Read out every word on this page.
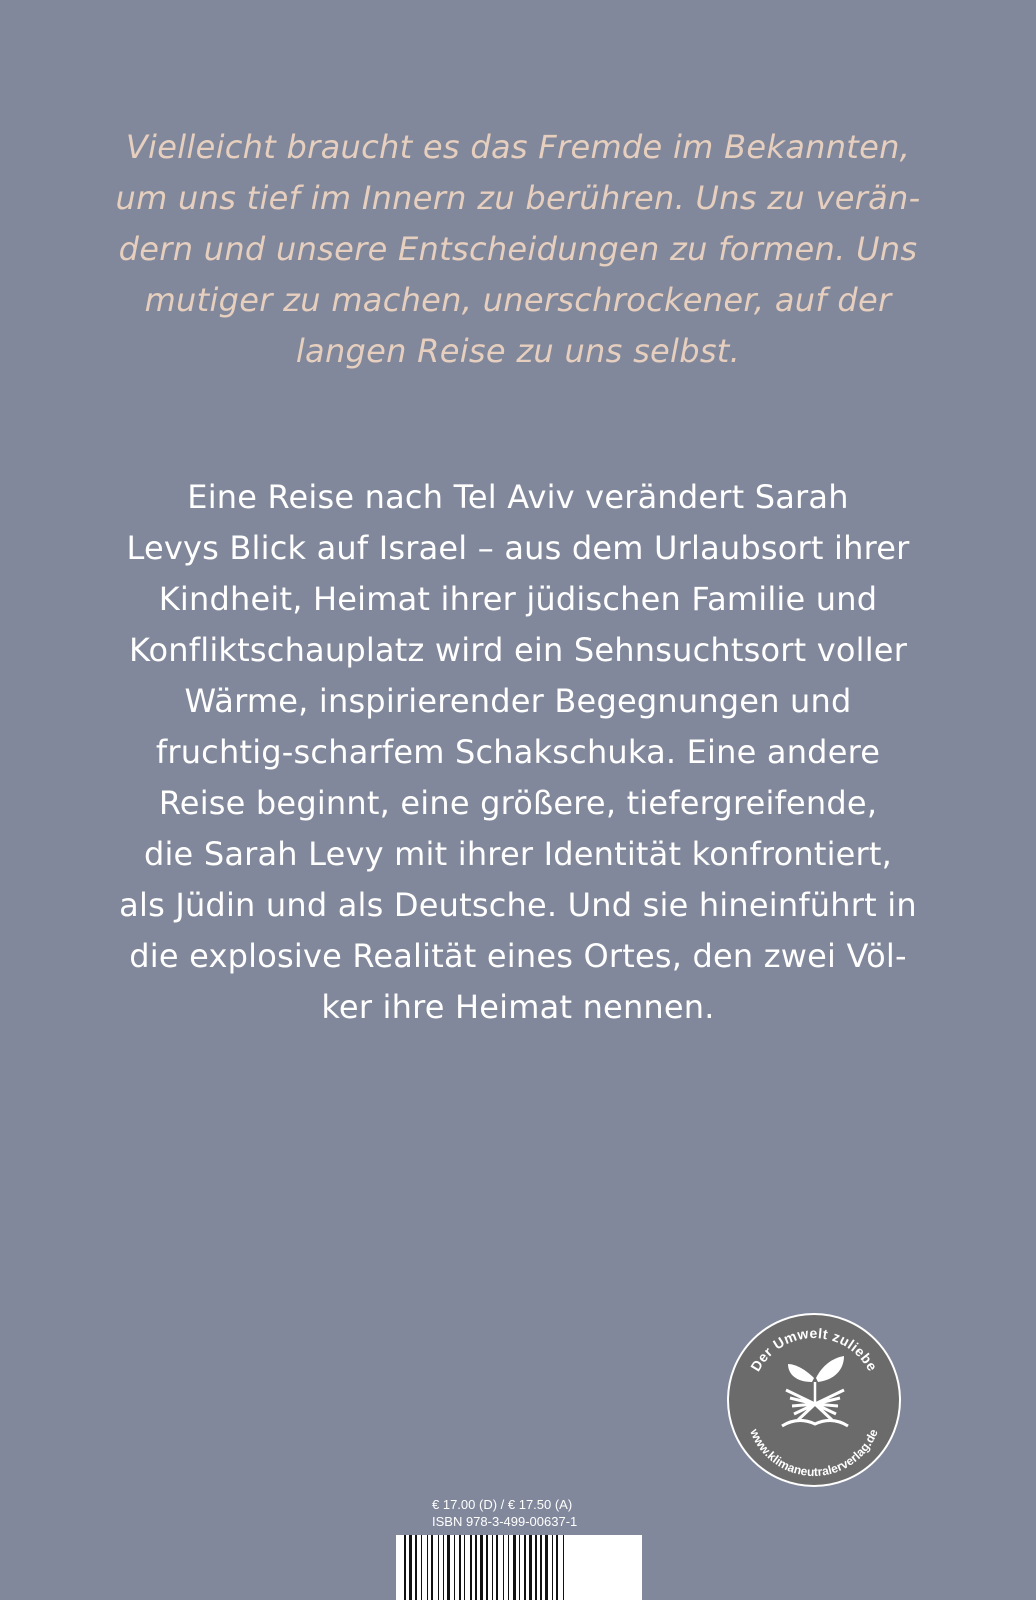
Vielleicht braucht es das Fremde im Bekannten,
um uns tief im Innern zu berühren. Uns zu verän-
dern und unsere Entscheidungen zu formen. Uns
mutiger zu machen, unerschrockener, auf der
langen Reise zu uns selbst.

Eine Reise nach Tel Aviv verändert Sarah
Levys Blick auf Israel – aus dem Urlaubsort ihrer
Kindheit, Heimat ihrer jüdischen Familie und
Konfliktschauplatz wird ein Sehnsuchtsort voller
Wärme, inspirierender Begegnungen und
fruchtig-scharfem Schakschuka. Eine andere
Reise beginnt, eine größere, tiefergreifende,
die Sarah Levy mit ihrer Identität konfrontiert,
als Jüdin und als Deutsche. Und sie hineinführt in
die explosive Realität eines Ortes, den zwei Völ-
ker ihre Heimat nennen.

Der Umwelt zuliebe
www.klimaneutralerverlag.de
€ 17.00 (D) / € 17.50 (A)
ISBN 978-3-499-00637-1
